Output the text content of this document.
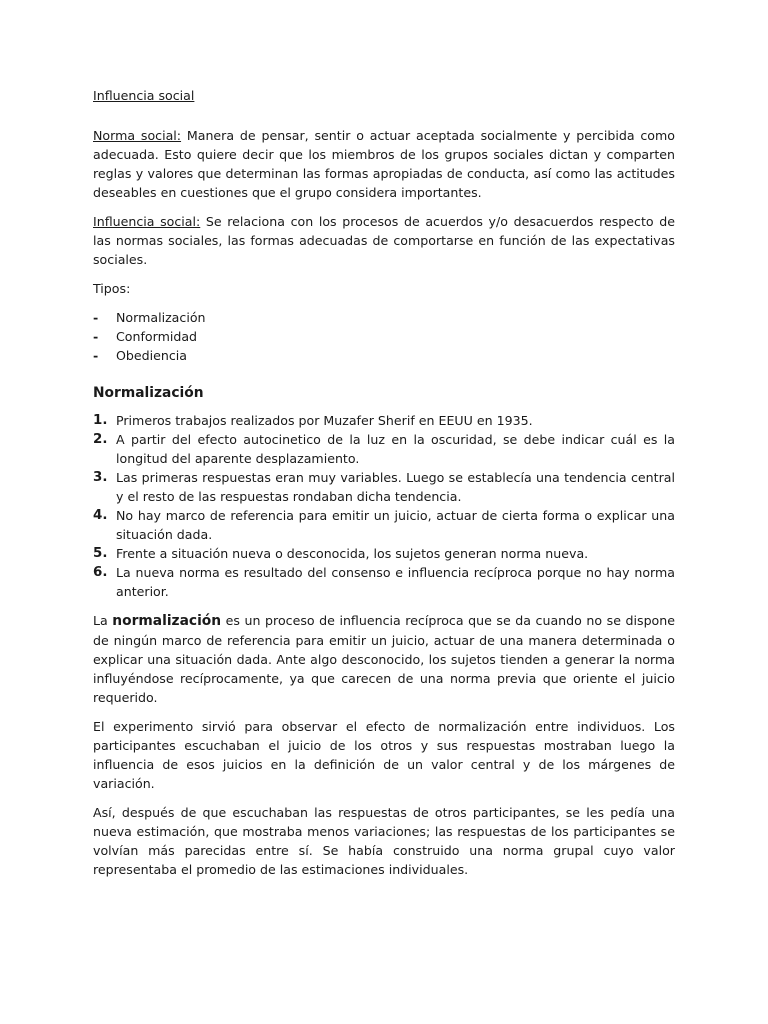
Influencia social

Norma social: Manera de pensar, sentir o actuar aceptada socialmente y percibida como adecuada. Esto quiere decir que los miembros de los grupos sociales dictan y comparten reglas y valores que determinan las formas apropiadas de conducta, así como las actitudes deseables en cuestiones que el grupo considera importantes.

Influencia social: Se relaciona con los procesos de acuerdos y/o desacuerdos respecto de las normas sociales, las formas adecuadas de comportarse en función de las expectativas sociales.

Tipos:

- Normalización
- Conformidad
- Obediencia
Normalización
1. Primeros trabajos realizados por Muzafer Sherif en EEUU en 1935.
2. A partir del efecto autocinetico de la luz en la oscuridad, se debe indicar cuál es la longitud del aparente desplazamiento.
3. Las primeras respuestas eran muy variables. Luego se establecía una tendencia central y el resto de las respuestas rondaban dicha tendencia.
4. No hay marco de referencia para emitir un juicio, actuar de cierta forma o explicar una situación dada.
5. Frente a situación nueva o desconocida, los sujetos generan norma nueva.
6. La nueva norma es resultado del consenso e influencia recíproca porque no hay norma anterior.

La normalización es un proceso de influencia recíproca que se da cuando no se dispone de ningún marco de referencia para emitir un juicio, actuar de una manera determinada o explicar una situación dada. Ante algo desconocido, los sujetos tienden a generar la norma influyéndose recíprocamente, ya que carecen de una norma previa que oriente el juicio requerido.

El experimento sirvió para observar el efecto de normalización entre individuos. Los participantes escuchaban el juicio de los otros y sus respuestas mostraban luego la influencia de esos juicios en la definición de un valor central y de los márgenes de variación.

Así, después de que escuchaban las respuestas de otros participantes, se les pedía una nueva estimación, que mostraba menos variaciones; las respuestas de los participantes se volvían más parecidas entre sí. Se había construido una norma grupal cuyo valor representaba el promedio de las estimaciones individuales.
